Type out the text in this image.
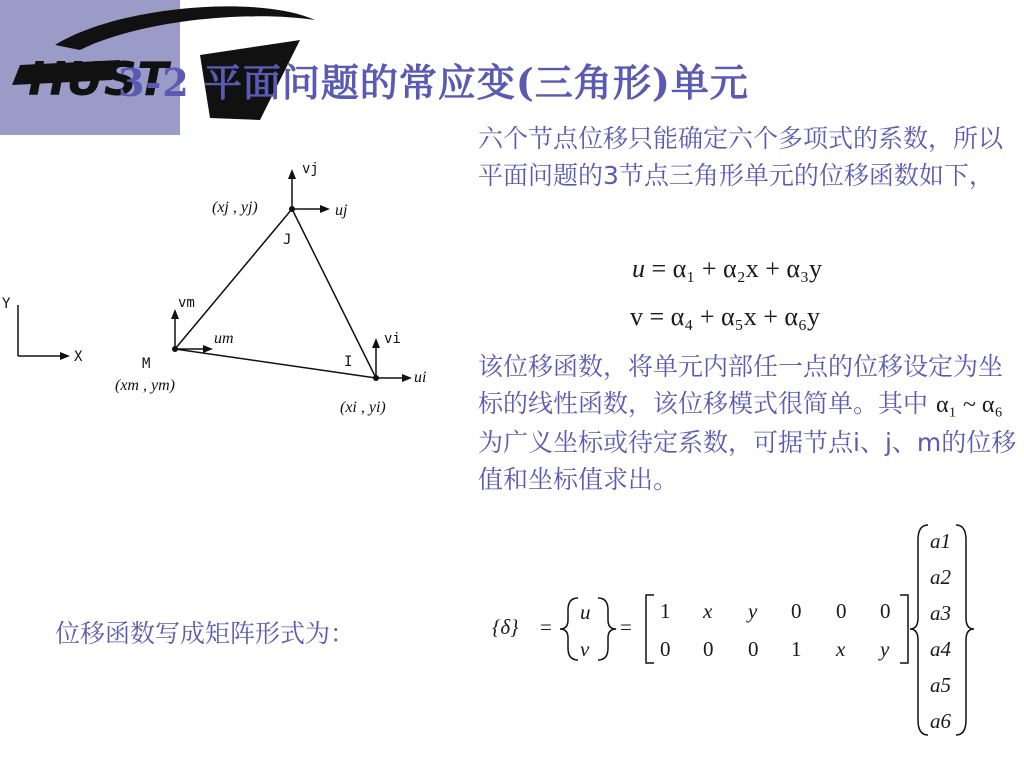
HUST
3-2 平面问题的常应变(三角形)单元
X
Y
vj
uj
(xj , yj)
J
vm
um
M
(xm , ym)
vi
ui
I
(xi , yi)
六个节点位移只能确定六个多项式的系数，所以平面问题的3节点三角形单元的位移函数如下，
u = α₁ + α₂x + α₃y
v = α₄ + α₅x + α₆y
该位移函数，将单元内部任一点的位移设定为坐标的线性函数，该位移模式很简单。其中 α₁ ~ α₆ 为广义坐标或待定系数，可据节点i、j、m的位移值和坐标值求出。
位移函数写成矩阵形式为：	{δ} =
u
v
=
1 x y 0 0 0
0 0 0 1 x y
a1
a2
a3
a4
a5
a6
